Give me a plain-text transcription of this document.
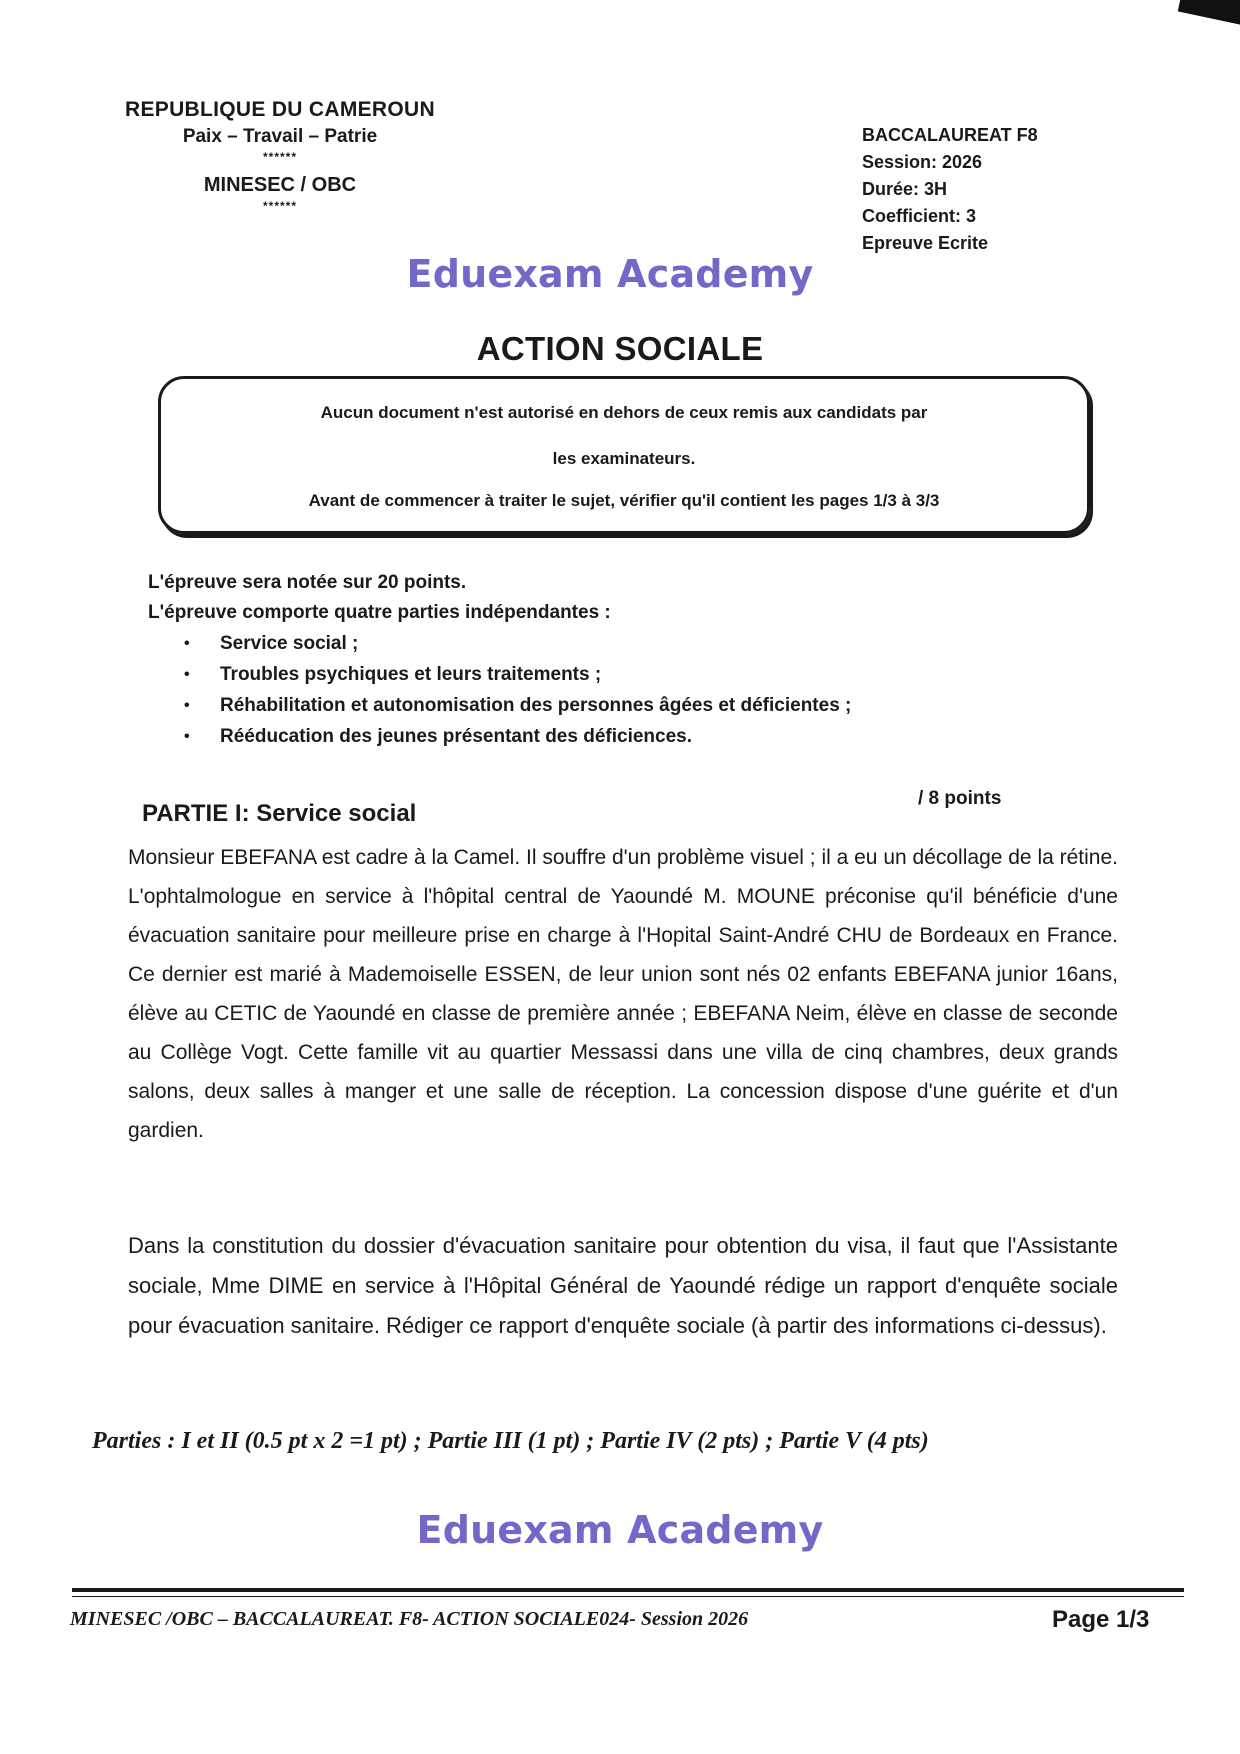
REPUBLIQUE DU CAMEROUN
Paix – Travail – Patrie
******
MINESEC / OBC
******
BACCALAUREAT F8
Session: 2026
Durée: 3H
Coefficient: 3
Epreuve Ecrite
Eduexam Academy
ACTION SOCIALE

Aucun document n'est autorisé en dehors de ceux remis aux candidats par

les examinateurs.

Avant de commencer à traiter le sujet, vérifier qu'il contient les pages 1/3 à 3/3

L'épreuve sera notée sur 20 points.
L'épreuve comporte quatre parties indépendantes :
• Service social ;
• Troubles psychiques et leurs traitements ;
• Réhabilitation et autonomisation des personnes âgées et déficientes ;
• Rééducation des jeunes présentant des déficiences.
PARTIE I: Service social
/ 8 points

Monsieur EBEFANA est cadre à la Camel. Il souffre d'un problème visuel ; il a eu un décollage de la rétine. L'ophtalmologue en service à l'hôpital central de Yaoundé M. MOUNE préconise qu'il bénéficie d'une évacuation sanitaire pour meilleure prise en charge à l'Hopital Saint-André CHU de Bordeaux en France. Ce dernier est marié à Mademoiselle ESSEN, de leur union sont nés 02 enfants EBEFANA junior 16ans, élève au CETIC de Yaoundé en classe de première année ; EBEFANA Neim, élève en classe de seconde au Collège Vogt. Cette famille vit au quartier Messassi dans une villa de cinq chambres, deux grands salons, deux salles à manger et une salle de réception. La concession dispose d'une guérite et d'un gardien.

Dans la constitution du dossier d'évacuation sanitaire pour obtention du visa, il faut que l'Assistante sociale, Mme DIME en service à l'Hôpital Général de Yaoundé rédige un rapport d'enquête sociale pour évacuation sanitaire. Rédiger ce rapport d'enquête sociale (à partir des informations ci-dessus).

Parties : I et II (0.5 pt x 2 =1 pt) ; Partie III (1 pt) ; Partie IV (2 pts) ; Partie V (4 pts)
Eduexam Academy
MINESEC /OBC – BACCALAUREAT. F8- ACTION SOCIALE024- Session 2026	Page 1/3
